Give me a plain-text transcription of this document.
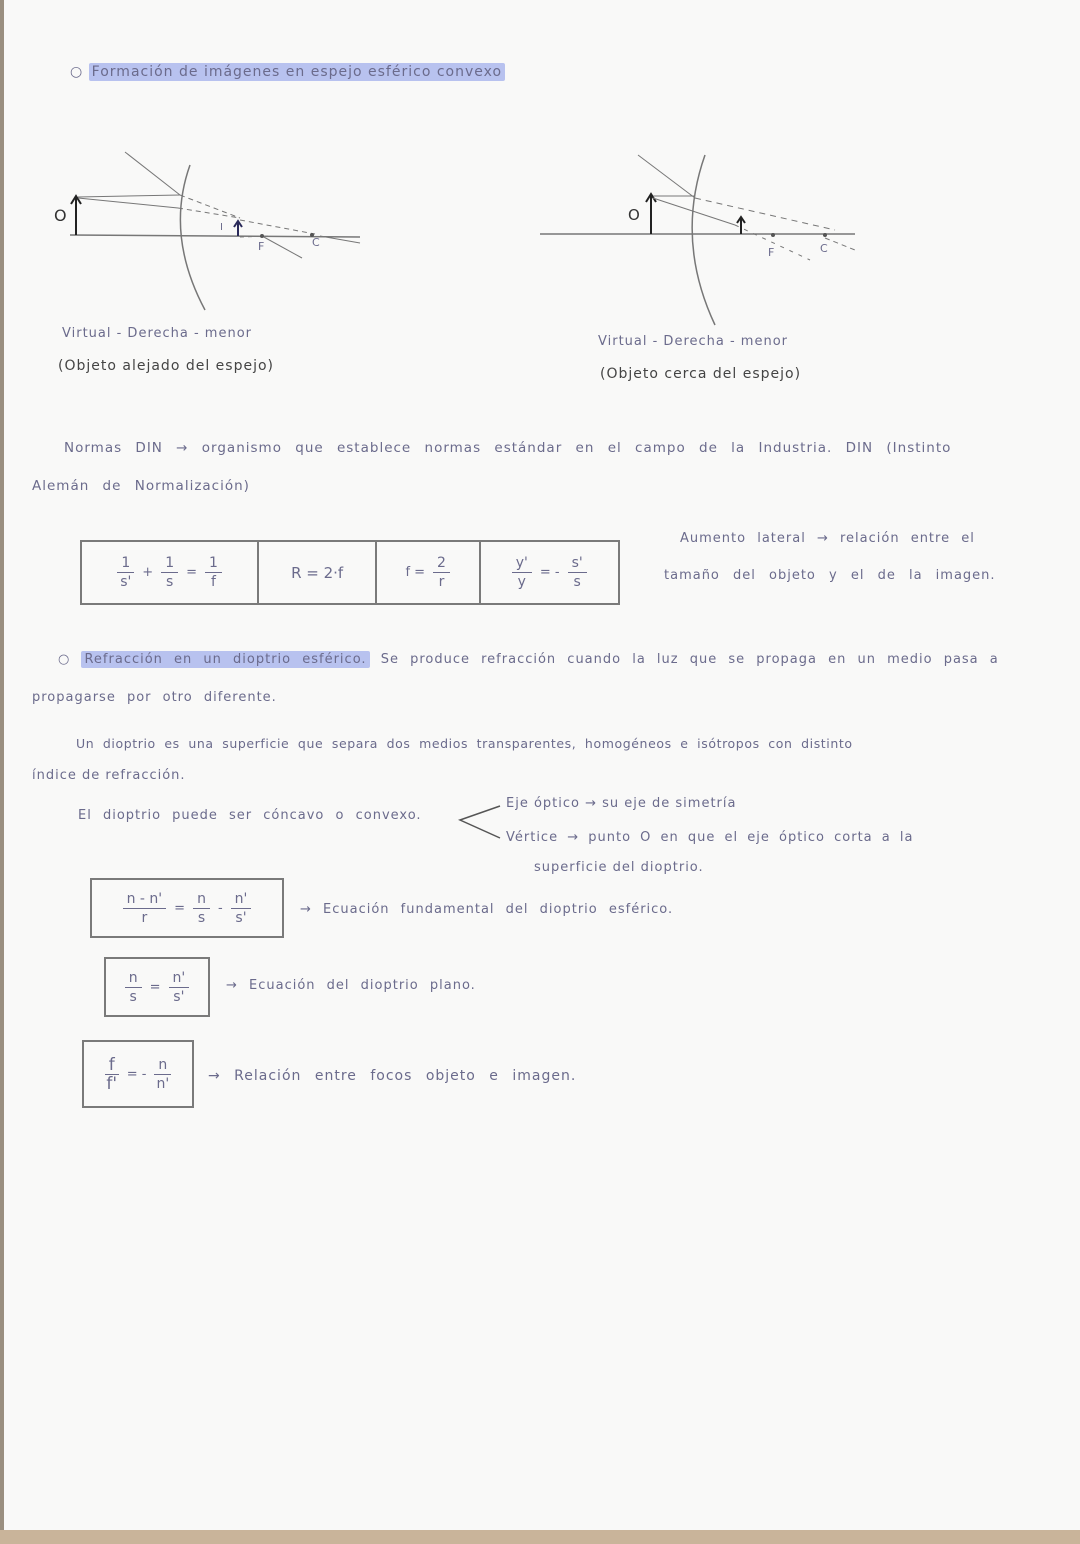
○ Formación de imágenes en espejo esférico convexo
O
I
F	C
Virtual - Derecha - menor
(Objeto alejado del espejo)
O
F	C
Virtual - Derecha - menor
(Objeto cerca del espejo)
Normas DIN → organismo que establece normas estándar en el campo de la Industria. DIN (Instinto
Alemán de Normalización)
$\frac{1}{s'} + \frac{1}{s} = \frac{1}{f}$	R = 2·f	$f = \frac{2}{r}$	$\frac{y'}{y}$ = - $\frac{s'}{s}$
Aumento lateral → relación entre el
tamaño del objeto y el de la imagen.
○ Refracción en un dioptrio esférico. Se produce refracción cuando la luz que se propaga en un medio pasa a
propagarse por otro diferente.
Un dioptrio es una superficie que separa dos medios transparentes, homogéneos e isótropos con distinto
índice de refracción.
El dioptrio puede ser cóncavo o convexo.
Eje óptico → su eje de simetría
Vértice → punto O en que el eje óptico corta a la
superficie del dioptrio.
$\frac{n - n'}{r} = \frac{n}{s} - \frac{n'}{s'}$	→ Ecuación fundamental del dioptrio esférico.
$\frac{n}{s} = \frac{n'}{s'}$	→ Ecuación del dioptrio plano.
$\frac{f}{f'}$ = - $\frac{n}{n'}$	→ Relación entre focos objeto e imagen.
